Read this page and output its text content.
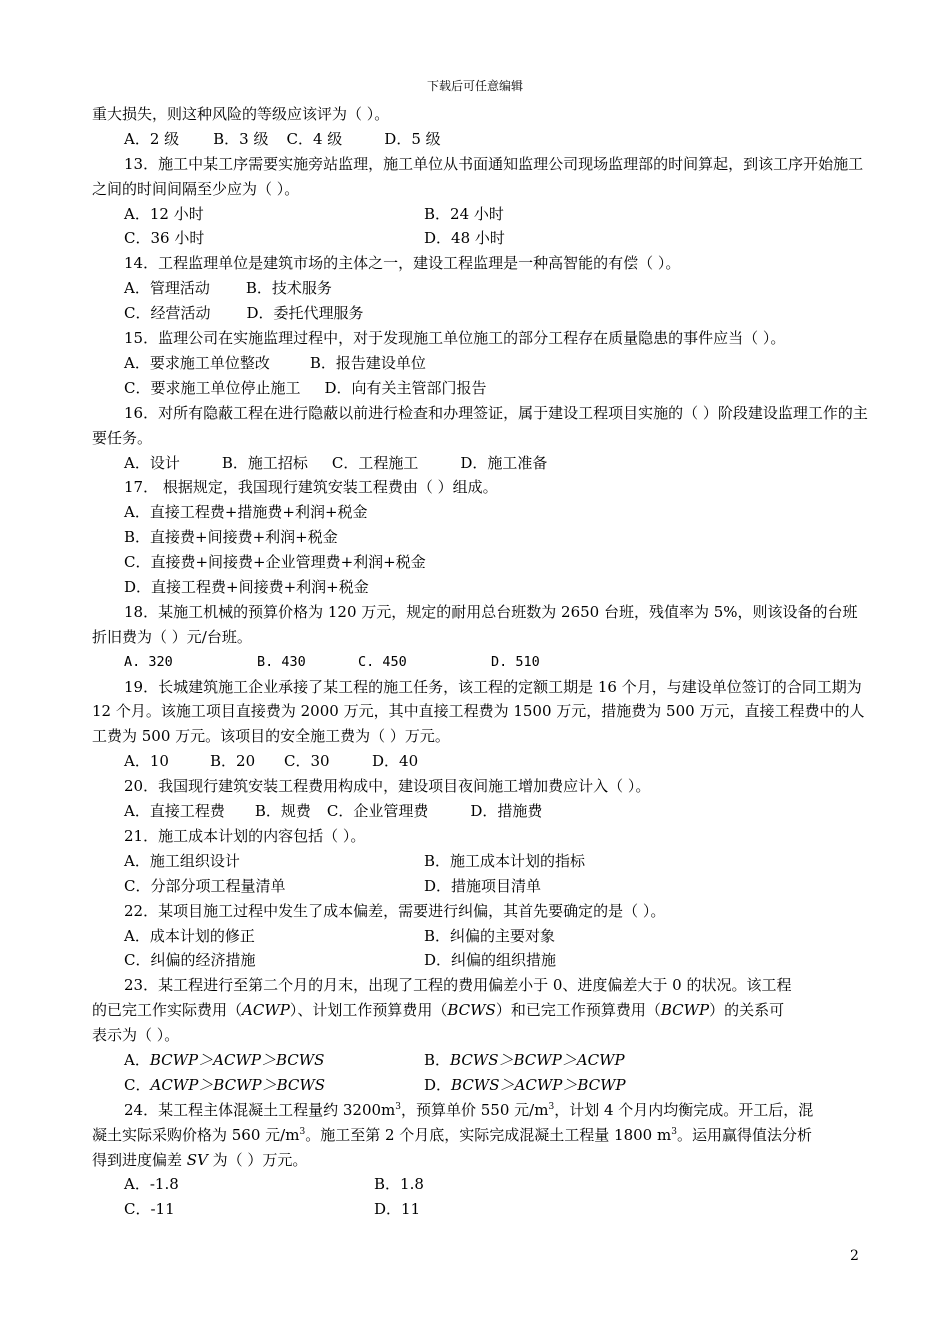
下载后可任意编辑
重大损失，则这种风险的等级应该评为（ ）。
A．2 级 B．3 级 C．4 级	D．5 级
13．施工中某工序需要实施旁站监理，施工单位从书面通知监理公司现场监理部的时间算起，到该工序开始施工之间的时间间隔至少应为（ ）。
A．12 小时	B．24 小时
C．36 小时	D．48 小时
14．工程监理单位是建筑市场的主体之一，建设工程监理是一种高智能的有偿（ ）。
A．管理活动 B．技术服务
C．经营活动 D．委托代理服务
15．监理公司在实施监理过程中，对于发现施工单位施工的部分工程存在质量隐患的事件应当（ ）。
A．要求施工单位整改	B．报告建设单位
C．要求施工单位停止施工 D．向有关主管部门报告
16．对所有隐蔽工程在进行隐蔽以前进行检查和办理签证，属于建设工程项目实施的（ ）阶段建设监理工作的主要任务。
A．设计	B．施工招标 C．工程施工	D．施工准备
17． 根据规定，我国现行建筑安装工程费由（ ）组成。
A．直接工程费+措施费+利润+税金
B．直接费+间接费+利润+税金
C．直接费+间接费+企业管理费+利润+税金
D．直接工程费+间接费+利润+税金
18．某施工机械的预算价格为 120 万元，规定的耐用总台班数为 2650 台班，残值率为 5%，则该设备的台班折旧费为（ ）元/台班。
A. 320	B. 430	C. 450	D. 510
19．长城建筑施工企业承接了某工程的施工任务，该工程的定额工期是 16 个月，与建设单位签订的合同工期为 12 个月。该施工项目直接费为 2000 万元，其中直接工程费为 1500 万元，措施费为 500 万元，直接工程费中的人工费为 500 万元。该项目的安全施工费为（ ）万元。
A．10	B．20 C．30	D．40
20．我国现行建筑安装工程费用构成中，建设项目夜间施工增加费应计入（ ）。
A．直接工程费 B．规费 C．企业管理费	D．措施费
21．施工成本计划的内容包括（ ）。
A．施工组织设计	B．施工成本计划的指标
C．分部分项工程量清单	D．措施项目清单
22．某项目施工过程中发生了成本偏差，需要进行纠偏，其首先要确定的是（ ）。
A．成本计划的修正	B．纠偏的主要对象
C．纠偏的经济措施	D．纠偏的组织措施
23．某工程进行至第二个月的月末，出现了工程的费用偏差小于 0、进度偏差大于 0 的状况。该工程
的已完工作实际费用（ACWP）、计划工作预算费用（BCWS）和已完工作预算费用（BCWP）的关系可
表示为（ ）。
A．BCWP＞ACWP＞BCWS	B．BCWS＞BCWP＞ACWP
C．ACWP＞BCWP＞BCWS	D．BCWS＞ACWP＞BCWP
24．某工程主体混凝土工程量约 $3200m^3$，预算单价 550 元$/m^3$，计划 4 个月内均衡完成。开工后，混
凝土实际采购价格为 560 元$/m^3$。施工至第 2 个月底，实际完成混凝土工程量 1800 $m^3$。运用赢得值法分析
得到进度偏差 SV 为（ ）万元。
A．-1.8	B．1.8
C．-11	D．11
2
